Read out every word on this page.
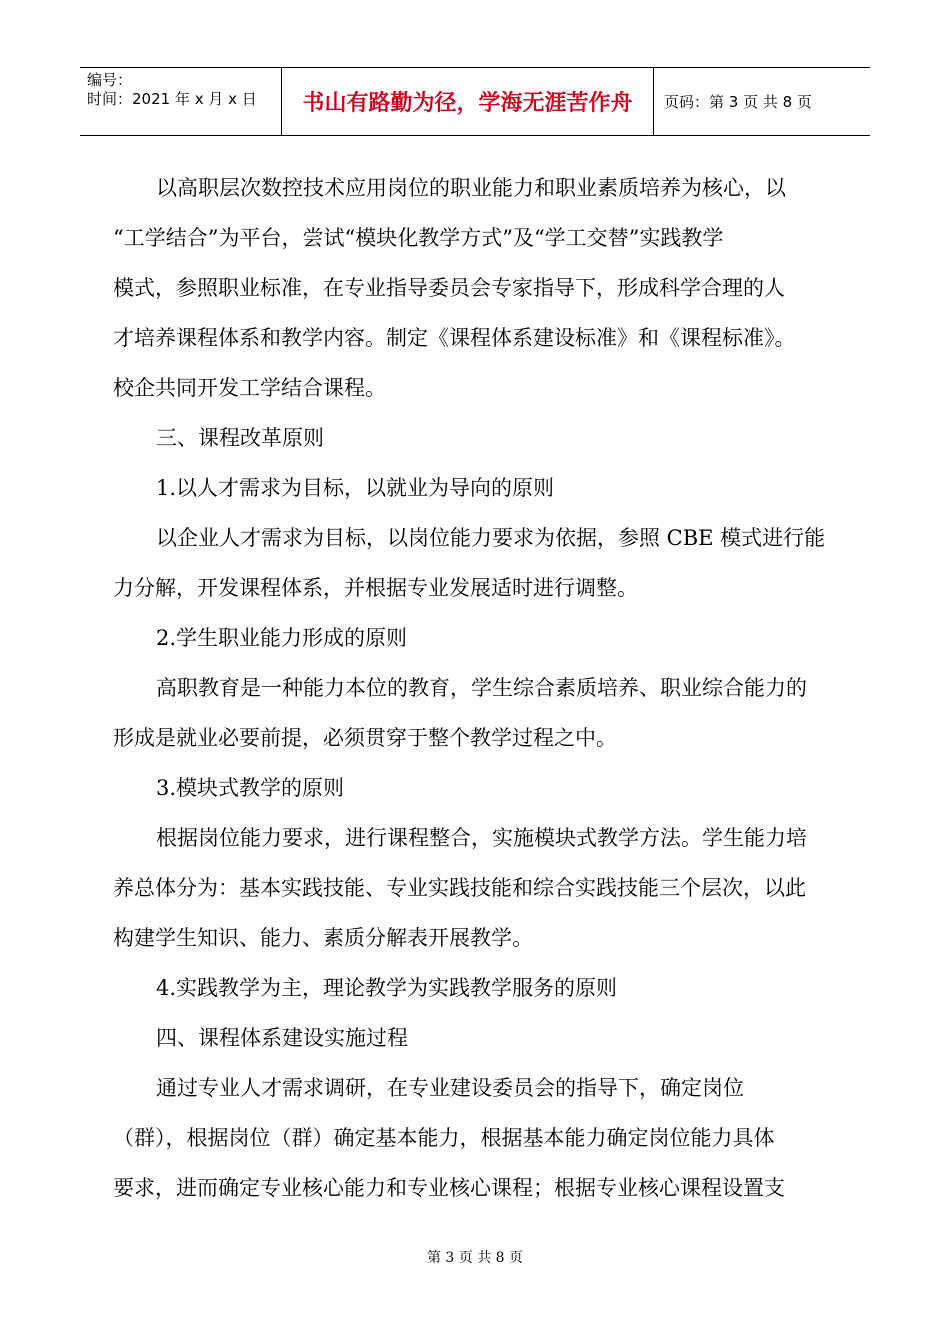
编号：
时间：2021 年 x 月 x 日	书山有路勤为径，学海无涯苦作舟	页码：第 3 页 共 8 页

以高职层次数控技术应用岗位的职业能力和职业素质培养为核心，以

“工学结合”为平台，尝试“模块化教学方式”及“学工交替”实践教学

模式，参照职业标准，在专业指导委员会专家指导下，形成科学合理的人

才培养课程体系和教学内容。制定《课程体系建设标准》和《课程标准》。

校企共同开发工学结合课程。

三、课程改革原则

1.以人才需求为目标，以就业为导向的原则

以企业人才需求为目标，以岗位能力要求为依据，参照 CBE 模式进行能

力分解，开发课程体系，并根据专业发展适时进行调整。

2.学生职业能力形成的原则

高职教育是一种能力本位的教育，学生综合素质培养、职业综合能力的

形成是就业必要前提，必须贯穿于整个教学过程之中。

3.模块式教学的原则

根据岗位能力要求，进行课程整合，实施模块式教学方法。学生能力培

养总体分为：基本实践技能、专业实践技能和综合实践技能三个层次，以此

构建学生知识、能力、素质分解表开展教学。

4.实践教学为主，理论教学为实践教学服务的原则

四、课程体系建设实施过程

通过专业人才需求调研，在专业建设委员会的指导下，确定岗位

（群），根据岗位（群）确定基本能力，根据基本能力确定岗位能力具体

要求，进而确定专业核心能力和专业核心课程；根据专业核心课程设置支

第 3 页 共 8 页
